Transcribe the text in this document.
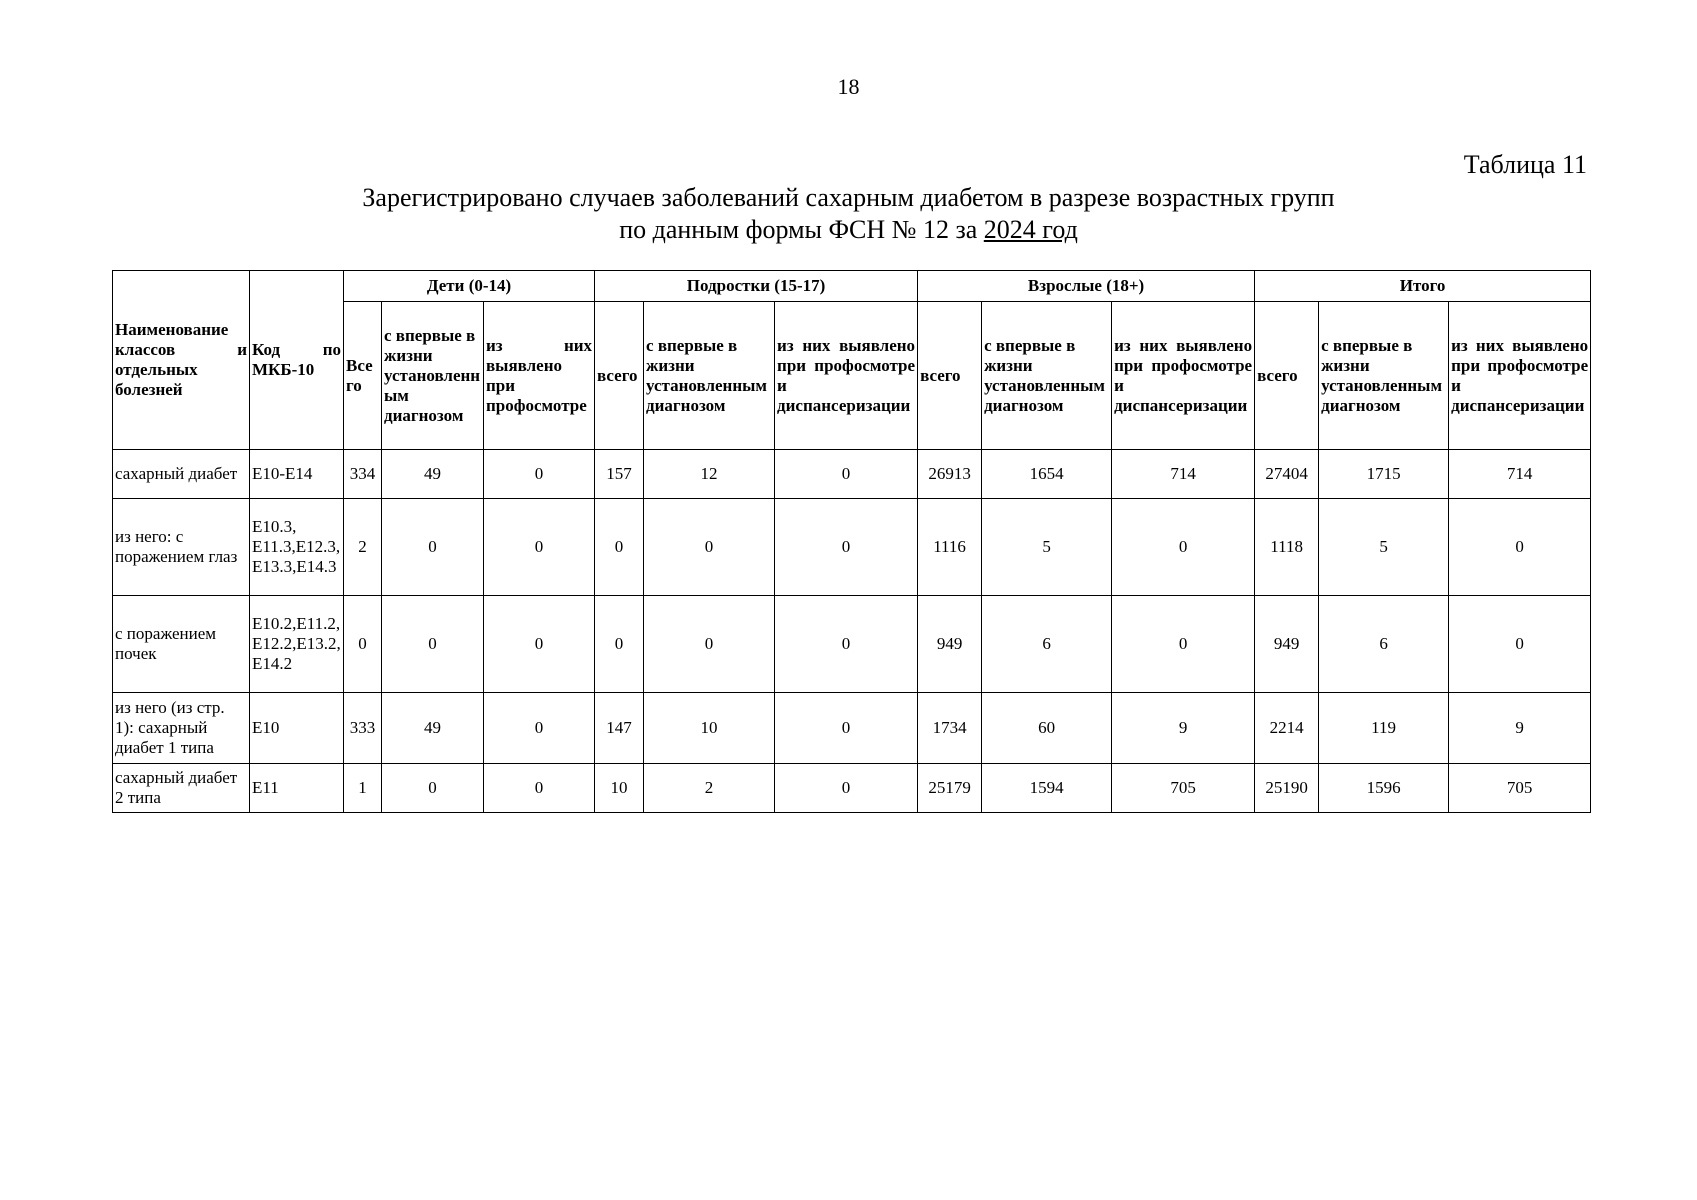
18
Таблица 11
Зарегистрировано случаев заболеваний сахарным диабетом в разрезе возрастных групп
по данным формы ФСН № 12 за 2024 год
Наименование классов и отдельных болезней	Код по МКБ-10	Дети (0-14)			Подростки (15-17)			Взрослые (18+)			Итого		
		Всего	с впервые в жизни установленным диагнозом	из них выявлено при профосмотре	всего	с впервые в жизни установленным диагнозом	из них выявлено при профосмотре и диспансеризации	всего	с впервые в жизни установленным диагнозом	из них выявлено при профосмотре и диспансеризации	всего	с впервые в жизни установленным диагнозом	из них выявлено при профосмотре и диспансеризации
сахарный диабет	E10-E14	334	49	0	157	12	0	26913	1654	714	27404	1715	714
из него: с поражением глаз	E10.3, E11.3,E12.3,E13.3,E14.3	2	0	0	0	0	0	1116	5	0	1118	5	0
с поражением почек	E10.2,E11.2,E12.2,E13.2,E14.2	0	0	0	0	0	0	949	6	0	949	6	0
из него (из стр. 1): сахарный диабет 1 типа	E10	333	49	0	147	10	0	1734	60	9	2214	119	9
сахарный диабет 2 типа	E11	1	0	0	10	2	0	25179	1594	705	25190	1596	705
